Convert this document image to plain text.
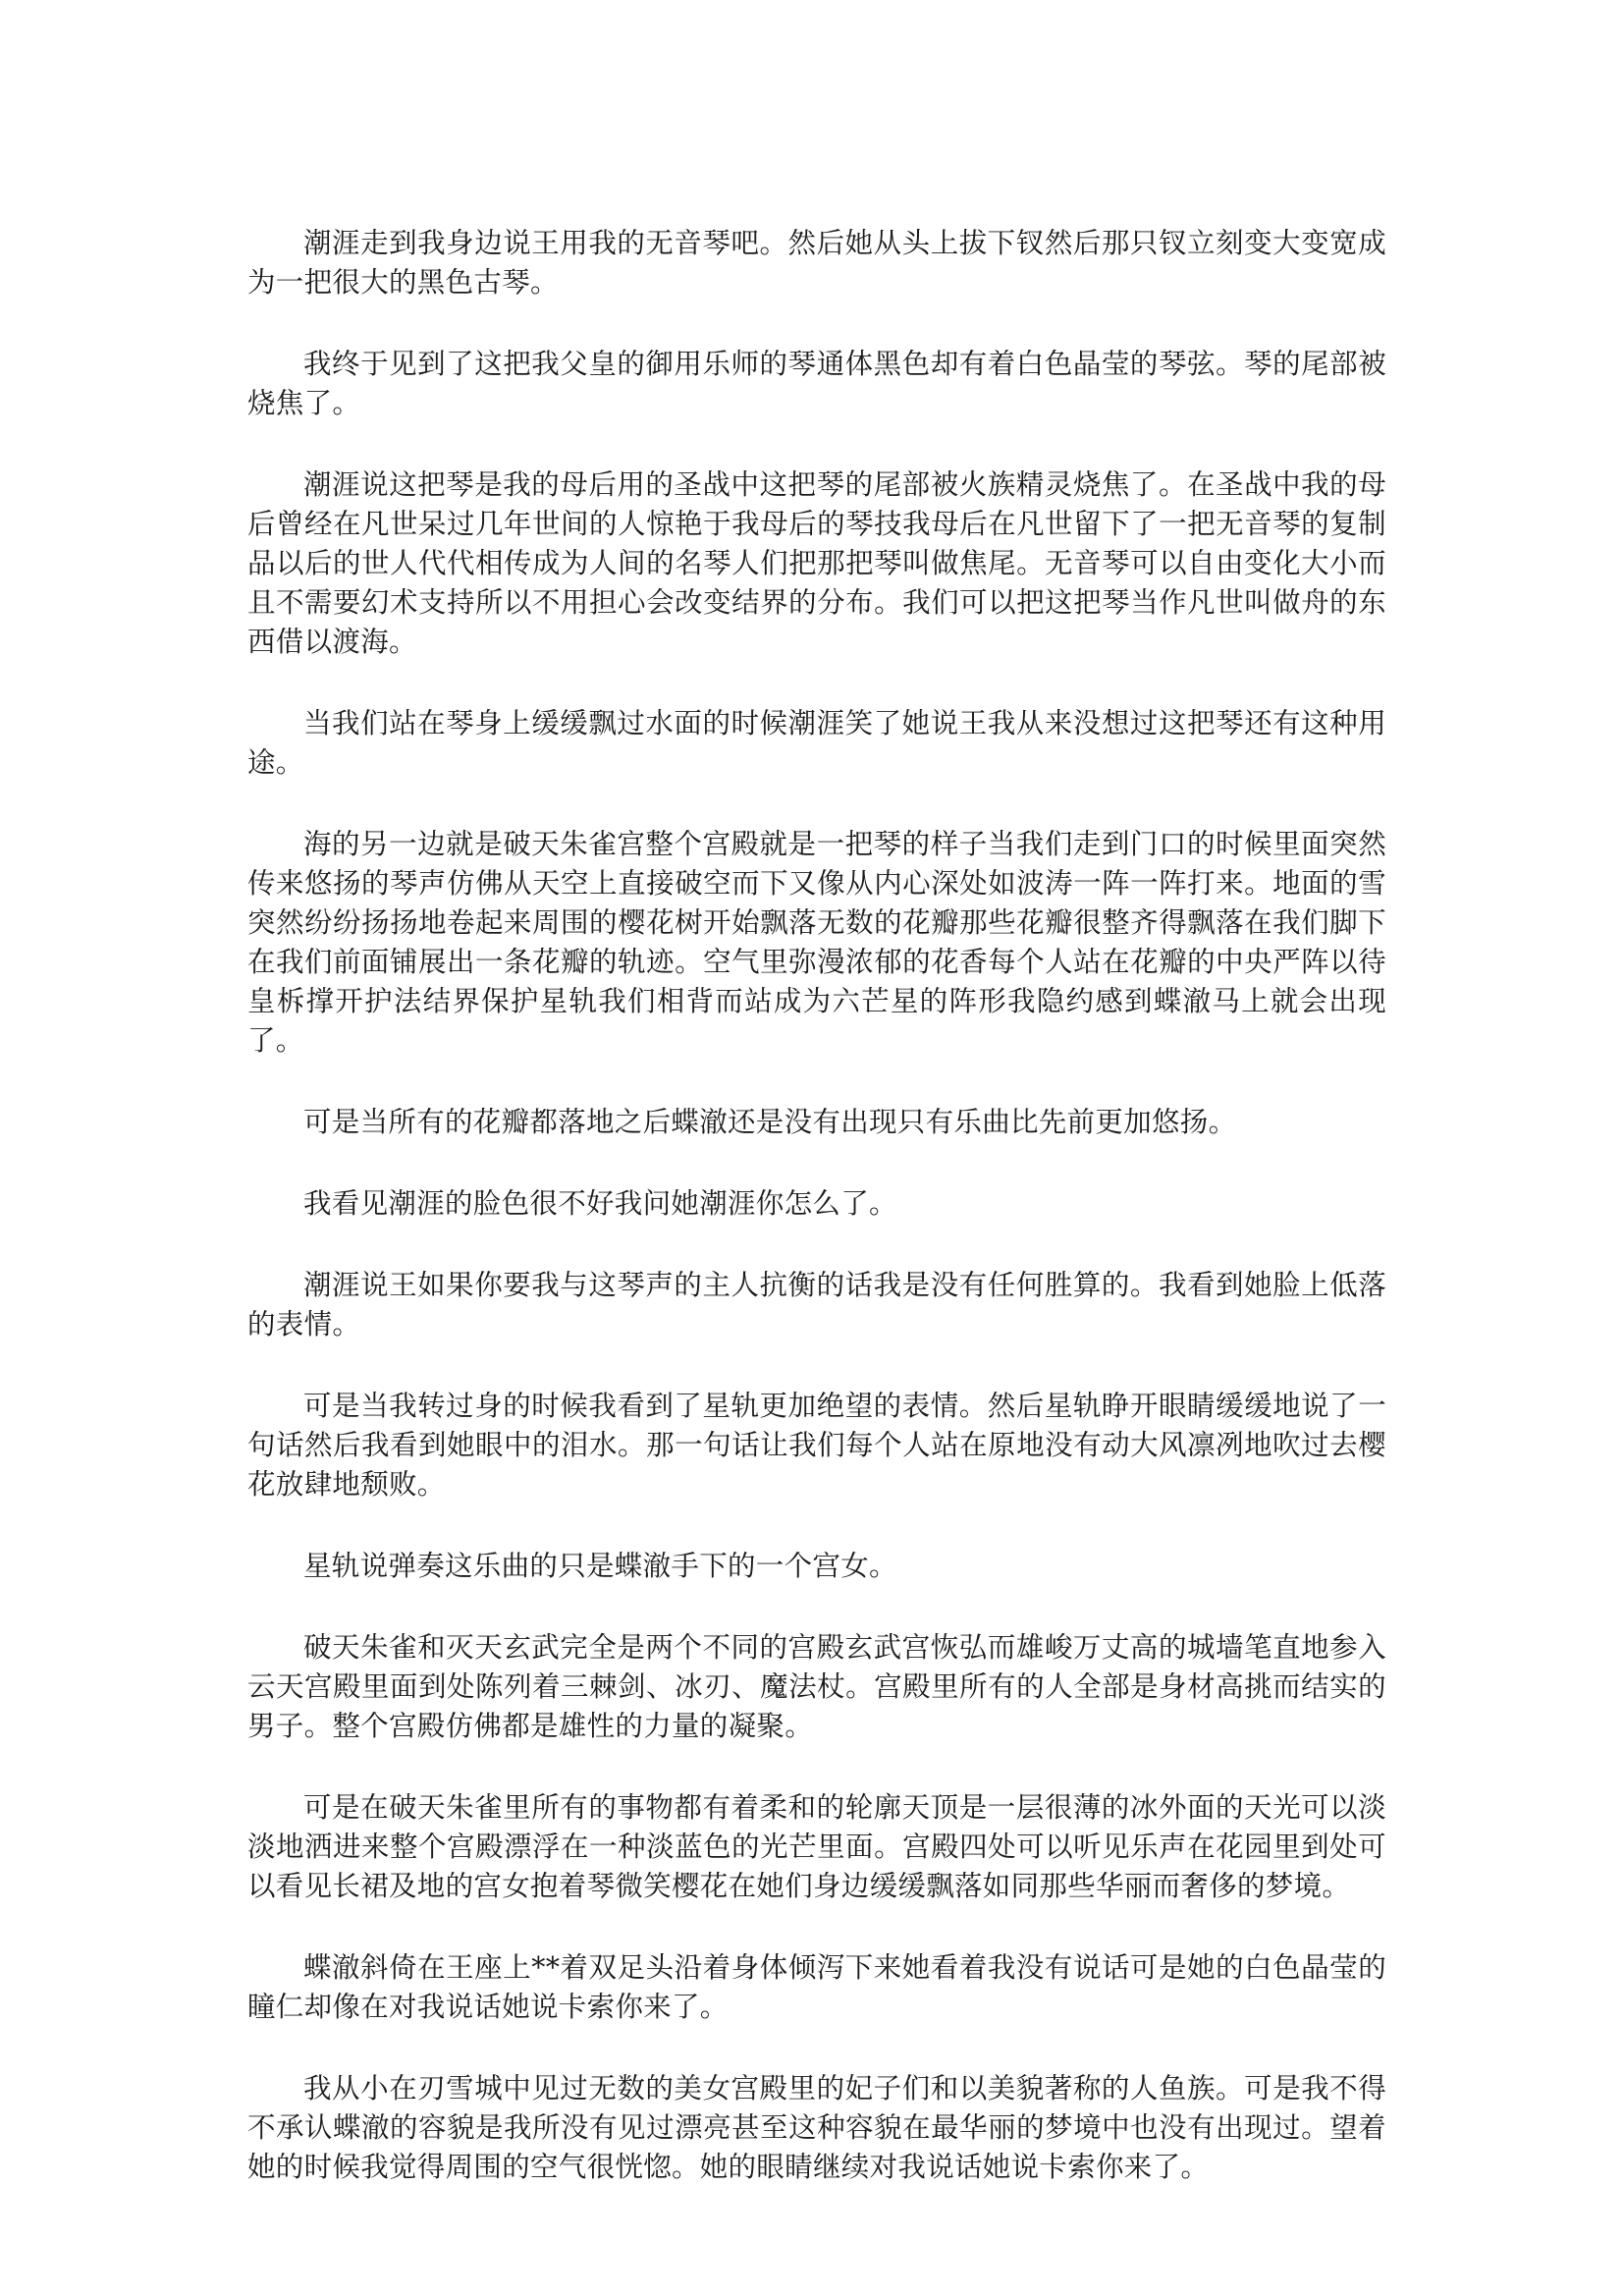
潮涯走到我身边说王用我的无音琴吧。然后她从头上拔下钗然后那只钗立刻变大变宽成为一把很大的黑色古琴。

我终于见到了这把我父皇的御用乐师的琴通体黑色却有着白色晶莹的琴弦。琴的尾部被烧焦了。

潮涯说这把琴是我的母后用的圣战中这把琴的尾部被火族精灵烧焦了。在圣战中我的母后曾经在凡世呆过几年世间的人惊艳于我母后的琴技我母后在凡世留下了一把无音琴的复制品以后的世人代代相传成为人间的名琴人们把那把琴叫做焦尾。无音琴可以自由变化大小而且不需要幻术支持所以不用担心会改变结界的分布。我们可以把这把琴当作凡世叫做舟的东西借以渡海。

当我们站在琴身上缓缓飘过水面的时候潮涯笑了她说王我从来没想过这把琴还有这种用途。

海的另一边就是破天朱雀宫整个宫殿就是一把琴的样子当我们走到门口的时候里面突然传来悠扬的琴声仿佛从天空上直接破空而下又像从内心深处如波涛一阵一阵打来。地面的雪突然纷纷扬扬地卷起来周围的樱花树开始飘落无数的花瓣那些花瓣很整齐得飘落在我们脚下在我们前面铺展出一条花瓣的轨迹。空气里弥漫浓郁的花香每个人站在花瓣的中央严阵以待皇柝撑开护法结界保护星轨我们相背而站成为六芒星的阵形我隐约感到蝶澈马上就会出现了。

可是当所有的花瓣都落地之后蝶澈还是没有出现只有乐曲比先前更加悠扬。

我看见潮涯的脸色很不好我问她潮涯你怎么了。

潮涯说王如果你要我与这琴声的主人抗衡的话我是没有任何胜算的。我看到她脸上低落的表情。

可是当我转过身的时候我看到了星轨更加绝望的表情。然后星轨睁开眼睛缓缓地说了一句话然后我看到她眼中的泪水。那一句话让我们每个人站在原地没有动大风凛冽地吹过去樱花放肆地颓败。

星轨说弹奏这乐曲的只是蝶澈手下的一个宫女。

破天朱雀和灭天玄武完全是两个不同的宫殿玄武宫恢弘而雄峻万丈高的城墙笔直地参入云天宫殿里面到处陈列着三棘剑、冰刃、魔法杖。宫殿里所有的人全部是身材高挑而结实的男子。整个宫殿仿佛都是雄性的力量的凝聚。

可是在破天朱雀里所有的事物都有着柔和的轮廓天顶是一层很薄的冰外面的天光可以淡淡地洒进来整个宫殿漂浮在一种淡蓝色的光芒里面。宫殿四处可以听见乐声在花园里到处可以看见长裙及地的宫女抱着琴微笑樱花在她们身边缓缓飘落如同那些华丽而奢侈的梦境。

蝶澈斜倚在王座上**着双足头沿着身体倾泻下来她看着我没有说话可是她的白色晶莹的瞳仁却像在对我说话她说卡索你来了。

我从小在刃雪城中见过无数的美女宫殿里的妃子们和以美貌著称的人鱼族。可是我不得不承认蝶澈的容貌是我所没有见过漂亮甚至这种容貌在最华丽的梦境中也没有出现过。望着她的时候我觉得周围的空气很恍惚。她的眼睛继续对我说话她说卡索你来了。
